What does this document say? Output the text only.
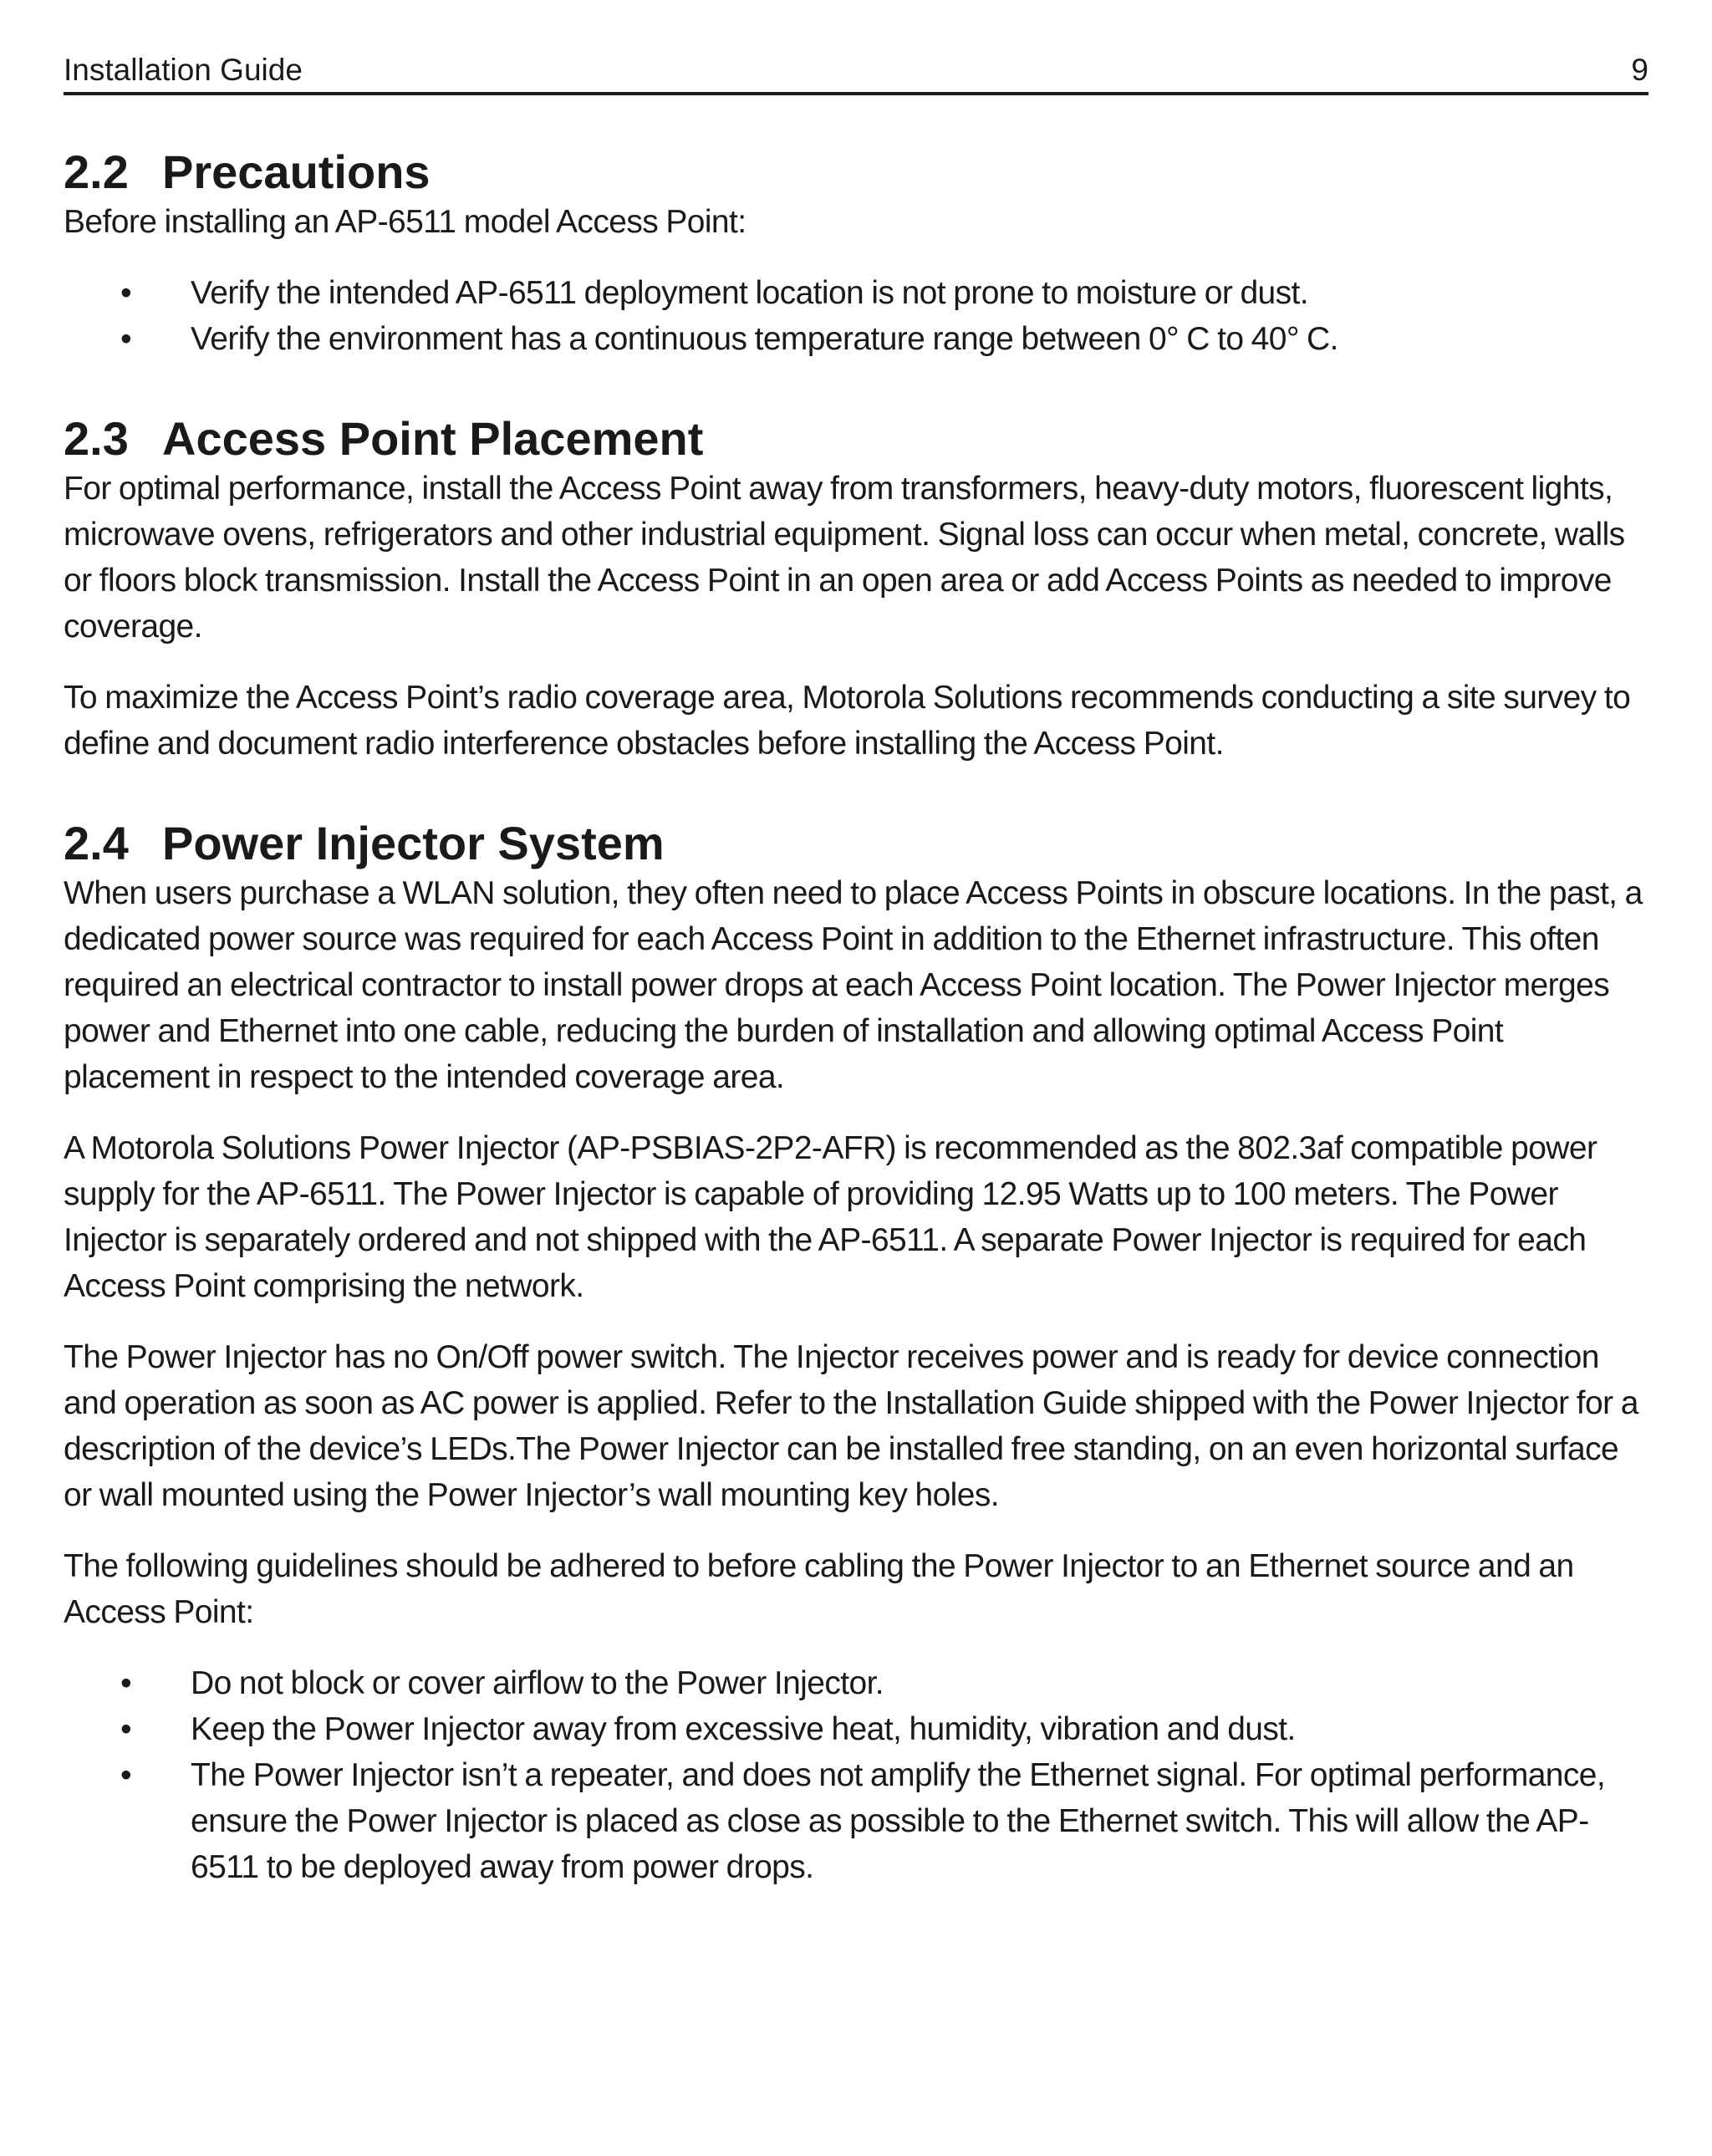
Installation Guide	9
2.2 Precautions

Before installing an AP-6511 model Access Point:

• Verify the intended AP-6511 deployment location is not prone to moisture or dust.
• Verify the environment has a continuous temperature range between 0° C to 40° C.
2.3 Access Point Placement

For optimal performance, install the Access Point away from transformers, heavy-duty motors, fluorescent lights, microwave ovens, refrigerators and other industrial equipment. Signal loss can occur when metal, concrete, walls or floors block transmission. Install the Access Point in an open area or add Access Points as needed to improve coverage.

To maximize the Access Point’s radio coverage area, Motorola Solutions recommends conducting a site survey to define and document radio interference obstacles before installing the Access Point.

2.4 Power Injector System

When users purchase a WLAN solution, they often need to place Access Points in obscure locations. In the past, a dedicated power source was required for each Access Point in addition to the Ethernet infrastructure. This often required an electrical contractor to install power drops at each Access Point location. The Power Injector merges power and Ethernet into one cable, reducing the burden of installation and allowing optimal Access Point placement in respect to the intended coverage area.

A Motorola Solutions Power Injector (AP-PSBIAS-2P2-AFR) is recommended as the 802.3af compatible power supply for the AP-6511. The Power Injector is capable of providing 12.95 Watts up to 100 meters. The Power Injector is separately ordered and not shipped with the AP-6511. A separate Power Injector is required for each Access Point comprising the network.

The Power Injector has no On/Off power switch. The Injector receives power and is ready for device connection and operation as soon as AC power is applied. Refer to the Installation Guide shipped with the Power Injector for a description of the device’s LEDs.The Power Injector can be installed free standing, on an even horizontal surface or wall mounted using the Power Injector’s wall mounting key holes.

The following guidelines should be adhered to before cabling the Power Injector to an Ethernet source and an Access Point:

• Do not block or cover airflow to the Power Injector.
• Keep the Power Injector away from excessive heat, humidity, vibration and dust.
• The Power Injector isn’t a repeater, and does not amplify the Ethernet signal. For optimal performance, ensure the Power Injector is placed as close as possible to the Ethernet switch. This will allow the AP-6511 to be deployed away from power drops.
